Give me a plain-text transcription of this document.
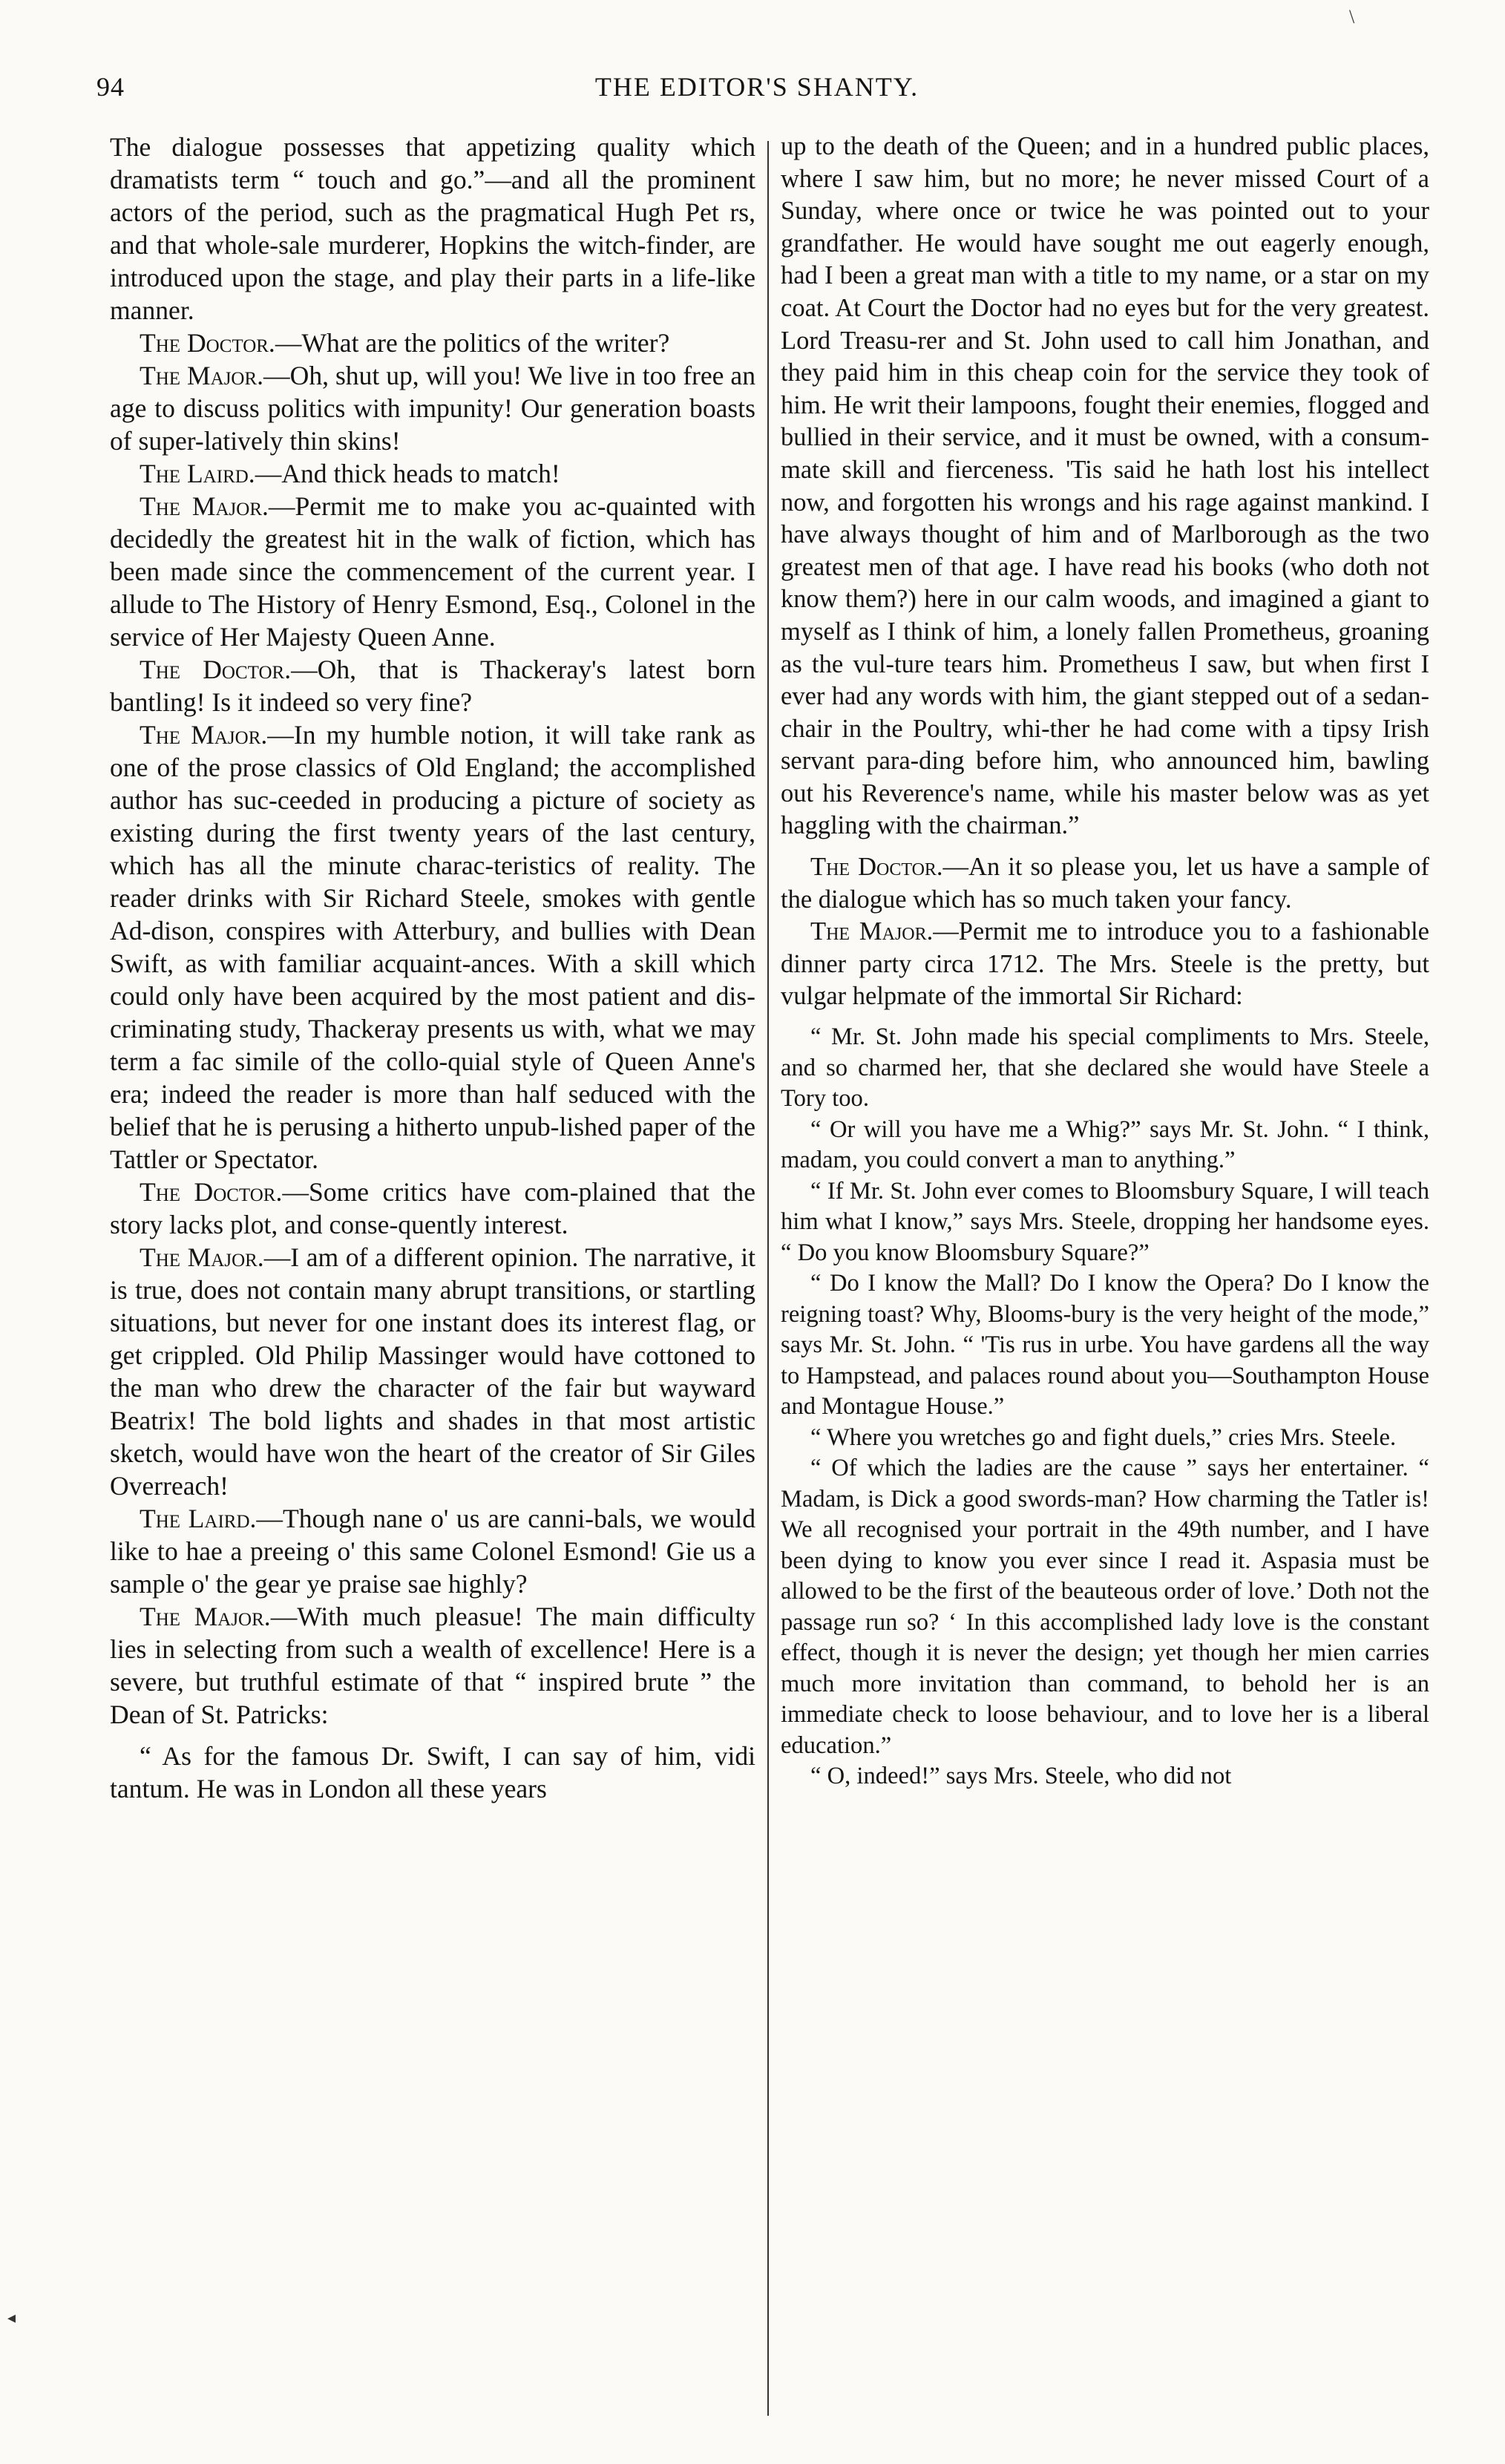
\
94	THE EDITOR'S SHANTY.

The dialogue possesses that appetizing quality which dramatists term “ touch and go.”—and all the prominent actors of the period, such as the pragmatical Hugh Pet rs, and that whole-sale murderer, Hopkins the witch-finder, are introduced upon the stage, and play their parts in a life-like manner.

The Doctor.—What are the politics of the writer?

The Major.—Oh, shut up, will you! We live in too free an age to discuss politics with impunity! Our generation boasts of super-latively thin skins!

The Laird.—And thick heads to match!

The Major.—Permit me to make you ac-quainted with decidedly the greatest hit in the walk of fiction, which has been made since the commencement of the current year. I allude to The History of Henry Esmond, Esq., Colonel in the service of Her Majesty Queen Anne.

The Doctor.—Oh, that is Thackeray's latest born bantling! Is it indeed so very fine?

The Major.—In my humble notion, it will take rank as one of the prose classics of Old England; the accomplished author has suc-ceeded in producing a picture of society as existing during the first twenty years of the last century, which has all the minute charac-teristics of reality. The reader drinks with Sir Richard Steele, smokes with gentle Ad-dison, conspires with Atterbury, and bullies with Dean Swift, as with familiar acquaint-ances. With a skill which could only have been acquired by the most patient and dis-criminating study, Thackeray presents us with, what we may term a fac simile of the collo-quial style of Queen Anne's era; indeed the reader is more than half seduced with the belief that he is perusing a hitherto unpub-lished paper of the Tattler or Spectator.

The Doctor.—Some critics have com-plained that the story lacks plot, and conse-quently interest.

The Major.—I am of a different opinion. The narrative, it is true, does not contain many abrupt transitions, or startling situations, but never for one instant does its interest flag, or get crippled. Old Philip Massinger would have cottoned to the man who drew the character of the fair but wayward Beatrix! The bold lights and shades in that most artistic sketch, would have won the heart of the creator of Sir Giles Overreach!

The Laird.—Though nane o' us are canni-bals, we would like to hae a preeing o' this same Colonel Esmond! Gie us a sample o' the gear ye praise sae highly?

The Major.—With much pleasue! The main difficulty lies in selecting from such a wealth of excellence! Here is a severe, but truthful estimate of that “ inspired brute ” the Dean of St. Patricks:

“ As for the famous Dr. Swift, I can say of him, vidi tantum. He was in London all these years

up to the death of the Queen; and in a hundred public places, where I saw him, but no more; he never missed Court of a Sunday, where once or twice he was pointed out to your grandfather. He would have sought me out eagerly enough, had I been a great man with a title to my name, or a star on my coat. At Court the Doctor had no eyes but for the very greatest. Lord Treasu-rer and St. John used to call him Jonathan, and they paid him in this cheap coin for the service they took of him. He writ their lampoons, fought their enemies, flogged and bullied in their service, and it must be owned, with a consum-mate skill and fierceness. 'Tis said he hath lost his intellect now, and forgotten his wrongs and his rage against mankind. I have always thought of him and of Marlborough as the two greatest men of that age. I have read his books (who doth not know them?) here in our calm woods, and imagined a giant to myself as I think of him, a lonely fallen Prometheus, groaning as the vul-ture tears him. Prometheus I saw, but when first I ever had any words with him, the giant stepped out of a sedan-chair in the Poultry, whi-ther he had come with a tipsy Irish servant para-ding before him, who announced him, bawling out his Reverence's name, while his master below was as yet haggling with the chairman.”

The Doctor.—An it so please you, let us have a sample of the dialogue which has so much taken your fancy.

The Major.—Permit me to introduce you to a fashionable dinner party circa 1712. The Mrs. Steele is the pretty, but vulgar helpmate of the immortal Sir Richard:

“ Mr. St. John made his special compliments to Mrs. Steele, and so charmed her, that she declared she would have Steele a Tory too.

“ Or will you have me a Whig?” says Mr. St. John. “ I think, madam, you could convert a man to anything.”

“ If Mr. St. John ever comes to Bloomsbury Square, I will teach him what I know,” says Mrs. Steele, dropping her handsome eyes. “ Do you know Bloomsbury Square?”

“ Do I know the Mall? Do I know the Opera? Do I know the reigning toast? Why, Blooms-bury is the very height of the mode,” says Mr. St. John. “ 'Tis rus in urbe. You have gardens all the way to Hampstead, and palaces round about you—Southampton House and Montague House.”

“ Where you wretches go and fight duels,” cries Mrs. Steele.

“ Of which the ladies are the cause ” says her entertainer. “ Madam, is Dick a good swords-man? How charming the Tatler is! We all recognised your portrait in the 49th number, and I have been dying to know you ever since I read it. Aspasia must be allowed to be the first of the beauteous order of love.’ Doth not the passage run so? ‘ In this accomplished lady love is the constant effect, though it is never the design; yet though her mien carries much more invitation than command, to behold her is an immediate check to loose behaviour, and to love her is a liberal education.”

“ O, indeed!” says Mrs. Steele, who did not

◂
